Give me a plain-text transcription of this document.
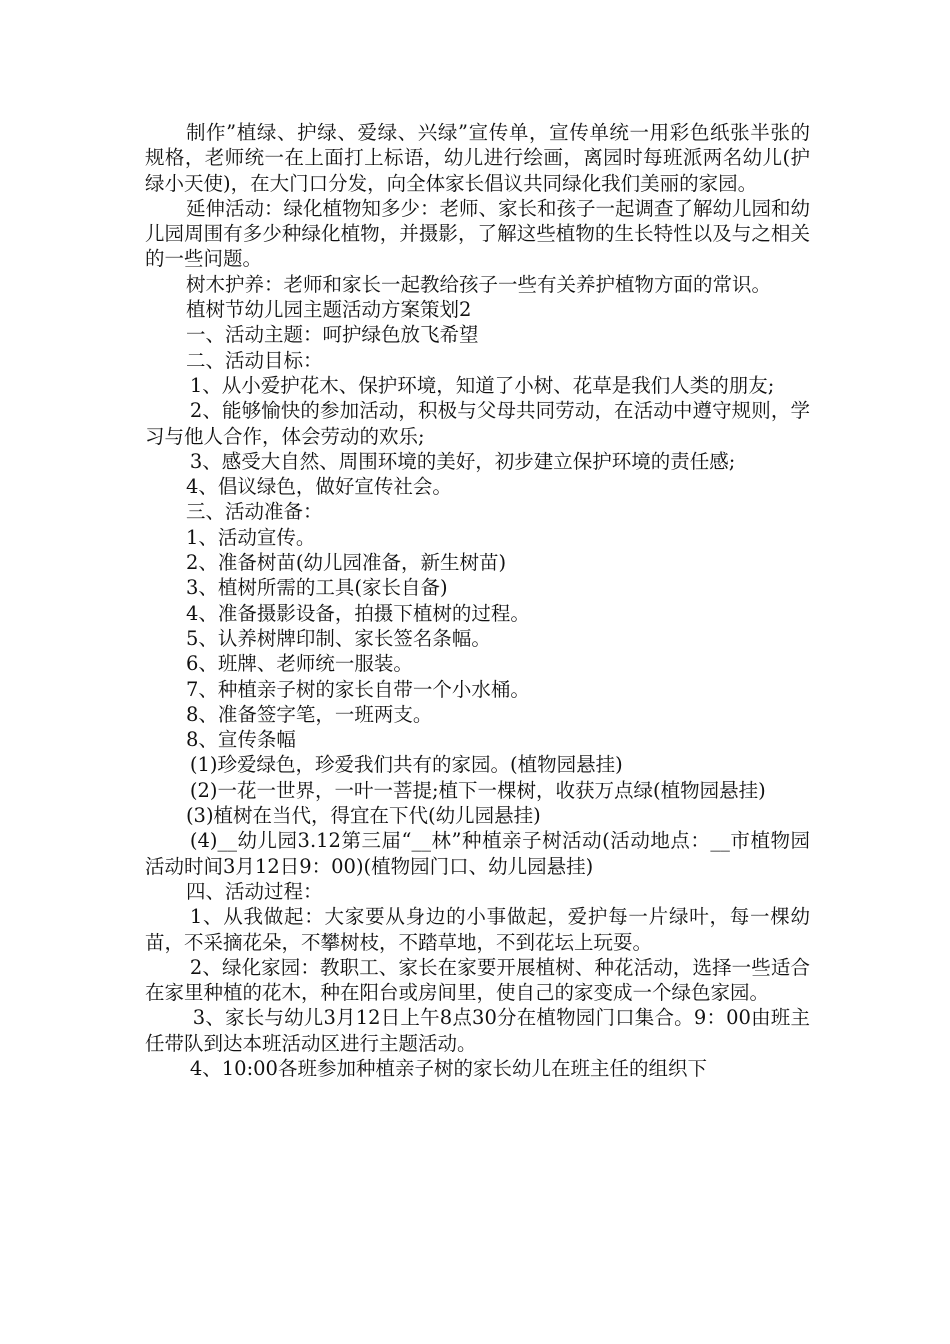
制作”植绿、护绿、爱绿、兴绿”宣传单，宣传单统一用彩色纸张半张的规格，老师统一在上面打上标语，幼儿进行绘画，离园时每班派两名幼儿(护绿小天使)，在大门口分发，向全体家长倡议共同绿化我们美丽的家园。

延伸活动：绿化植物知多少：老师、家长和孩子一起调查了解幼儿园和幼儿园周围有多少种绿化植物，并摄影，了解这些植物的生长特性以及与之相关的一些问题。

树木护养：老师和家长一起教给孩子一些有关养护植物方面的常识。

植树节幼儿园主题活动方案策划2

一、活动主题：呵护绿色放飞希望

二、活动目标：

1、从小爱护花木、保护环境，知道了小树、花草是我们人类的朋友;

2、能够愉快的参加活动，积极与父母共同劳动，在活动中遵守规则，学习与他人合作，体会劳动的欢乐;

3、感受大自然、周围环境的美好，初步建立保护环境的责任感;

4、倡议绿色，做好宣传社会。

三、活动准备：

1、活动宣传。

2、准备树苗(幼儿园准备，新生树苗)

3、植树所需的工具(家长自备)

4、准备摄影设备，拍摄下植树的过程。

5、认养树牌印制、家长签名条幅。

6、班牌、老师统一服装。

7、种植亲子树的家长自带一个小水桶。

8、准备签字笔，一班两支。

8、宣传条幅

(1)珍爱绿色，珍爱我们共有的家园。(植物园悬挂)

(2)一花一世界，一叶一菩提;植下一棵树，收获万点绿(植物园悬挂)

(3)植树在当代，得宜在下代(幼儿园悬挂)

(4)__幼儿园3.12第三届“__林”种植亲子树活动(活动地点：__市植物园活动时间3月12日9：00)(植物园门口、幼儿园悬挂)

四、活动过程：

1、从我做起：大家要从身边的小事做起，爱护每一片绿叶，每一棵幼苗，不采摘花朵，不攀树枝，不踏草地，不到花坛上玩耍。

2、绿化家园：教职工、家长在家要开展植树、种花活动，选择一些适合在家里种植的花木，种在阳台或房间里，使自己的家变成一个绿色家园。

3、家长与幼儿3月12日上午8点30分在植物园门口集合。9：00由班主任带队到达本班活动区进行主题活动。

4、10:00各班参加种植亲子树的家长幼儿在班主任的组织下
